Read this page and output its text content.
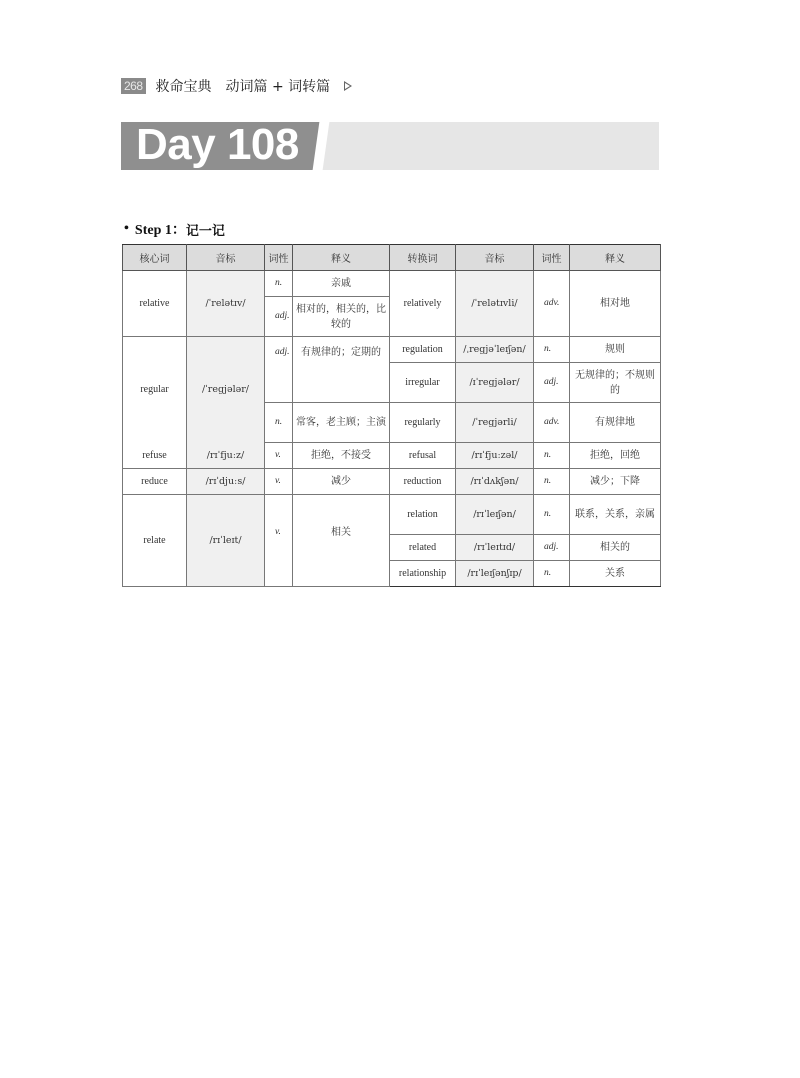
268 救命宝典 动词篇 + 词转篇
Day 108
• Step 1： 记一记
核心词	音标	词性	释义	转换词	音标	词性	释义
relative	/ˈrelətɪv/	n.	亲戚	relatively	/ˈrelətɪvli/	adv.	相对地
		adj.	相对的，相关的，比较的				
regular	/ˈregjələr/	adj.	有规律的；定期的	regulation	/ˌregjəˈleɪʃən/	n.	规则
				irregular	/ɪˈregjələr/	adj.	无规律的；不规则的
		n.	常客，老主顾；主演	regularly	/ˈregjərli/	adv.	有规律地
refuse	/rɪˈfjuːz/	v.	拒绝，不接受	refusal	/rɪˈfjuːzəl/	n.	拒绝，回绝
reduce	/rɪˈdjuːs/	v.	减少	reduction	/rɪˈdʌkʃən/	n.	减少；下降
relate	/rɪˈleɪt/	v.	相关	relation	/rɪˈleɪʃən/	n.	联系，关系，亲属
				related	/rɪˈleɪtɪd/	adj.	相关的
				relationship	/rɪˈleɪʃənʃɪp/	n.	关系
